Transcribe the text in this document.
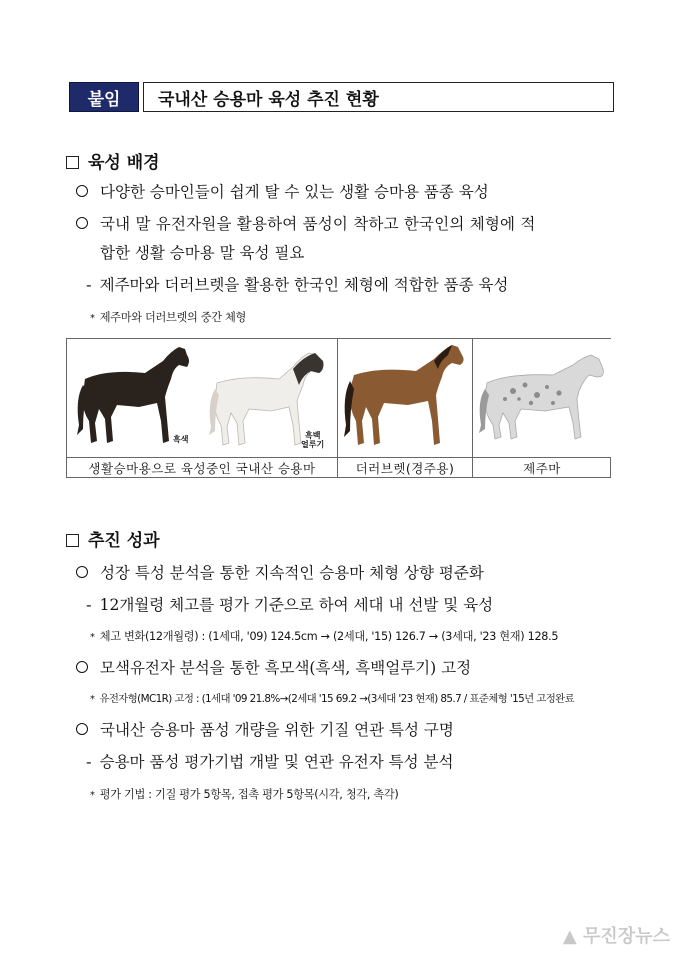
붙임	국내산 승용마 육성 추진 현황
육성 배경
다양한 승마인들이 쉽게 탈 수 있는 생활 승마용 품종 육성
국내 말 유전자원을 활용하여 품성이 착하고 한국인의 체형에 적
합한 생활 승마용 말 육성 필요
- 제주마와 더러브렛을 활용한 한국인 체형에 적합한 품종 육성
* 제주마와 더러브렛의 중간 체형
흑색	흑백
얼루기
생활승마용으로 육성중인 국내산 승용마	더러브렛(경주용)	제주마
추진 성과
성장 특성 분석을 통한 지속적인 승용마 체형 상향 평준화
- 12개월령 체고를 평가 기준으로 하여 세대 내 선발 및 육성
* 체고 변화(12개월령) : (1세대, '09) 124.5cm → (2세대, '15) 126.7 → (3세대, '23 현재) 128.5
모색유전자 분석을 통한 흑모색(흑색, 흑백얼루기) 고정
* 유전자형(MC1R) 고정 : (1세대 '09 21.8%→(2세대 '15 69.2 →(3세대 '23 현재) 85.7 / 표준체형 '15년 고정완료
국내산 승용마 품성 개량을 위한 기질 연관 특성 구명
- 승용마 품성 평가기법 개발 및 연관 유전자 특성 분석
* 평가 기법 : 기질 평가 5항목, 접촉 평가 5항목(시각, 청각, 촉각)
▲ 무진장뉴스
